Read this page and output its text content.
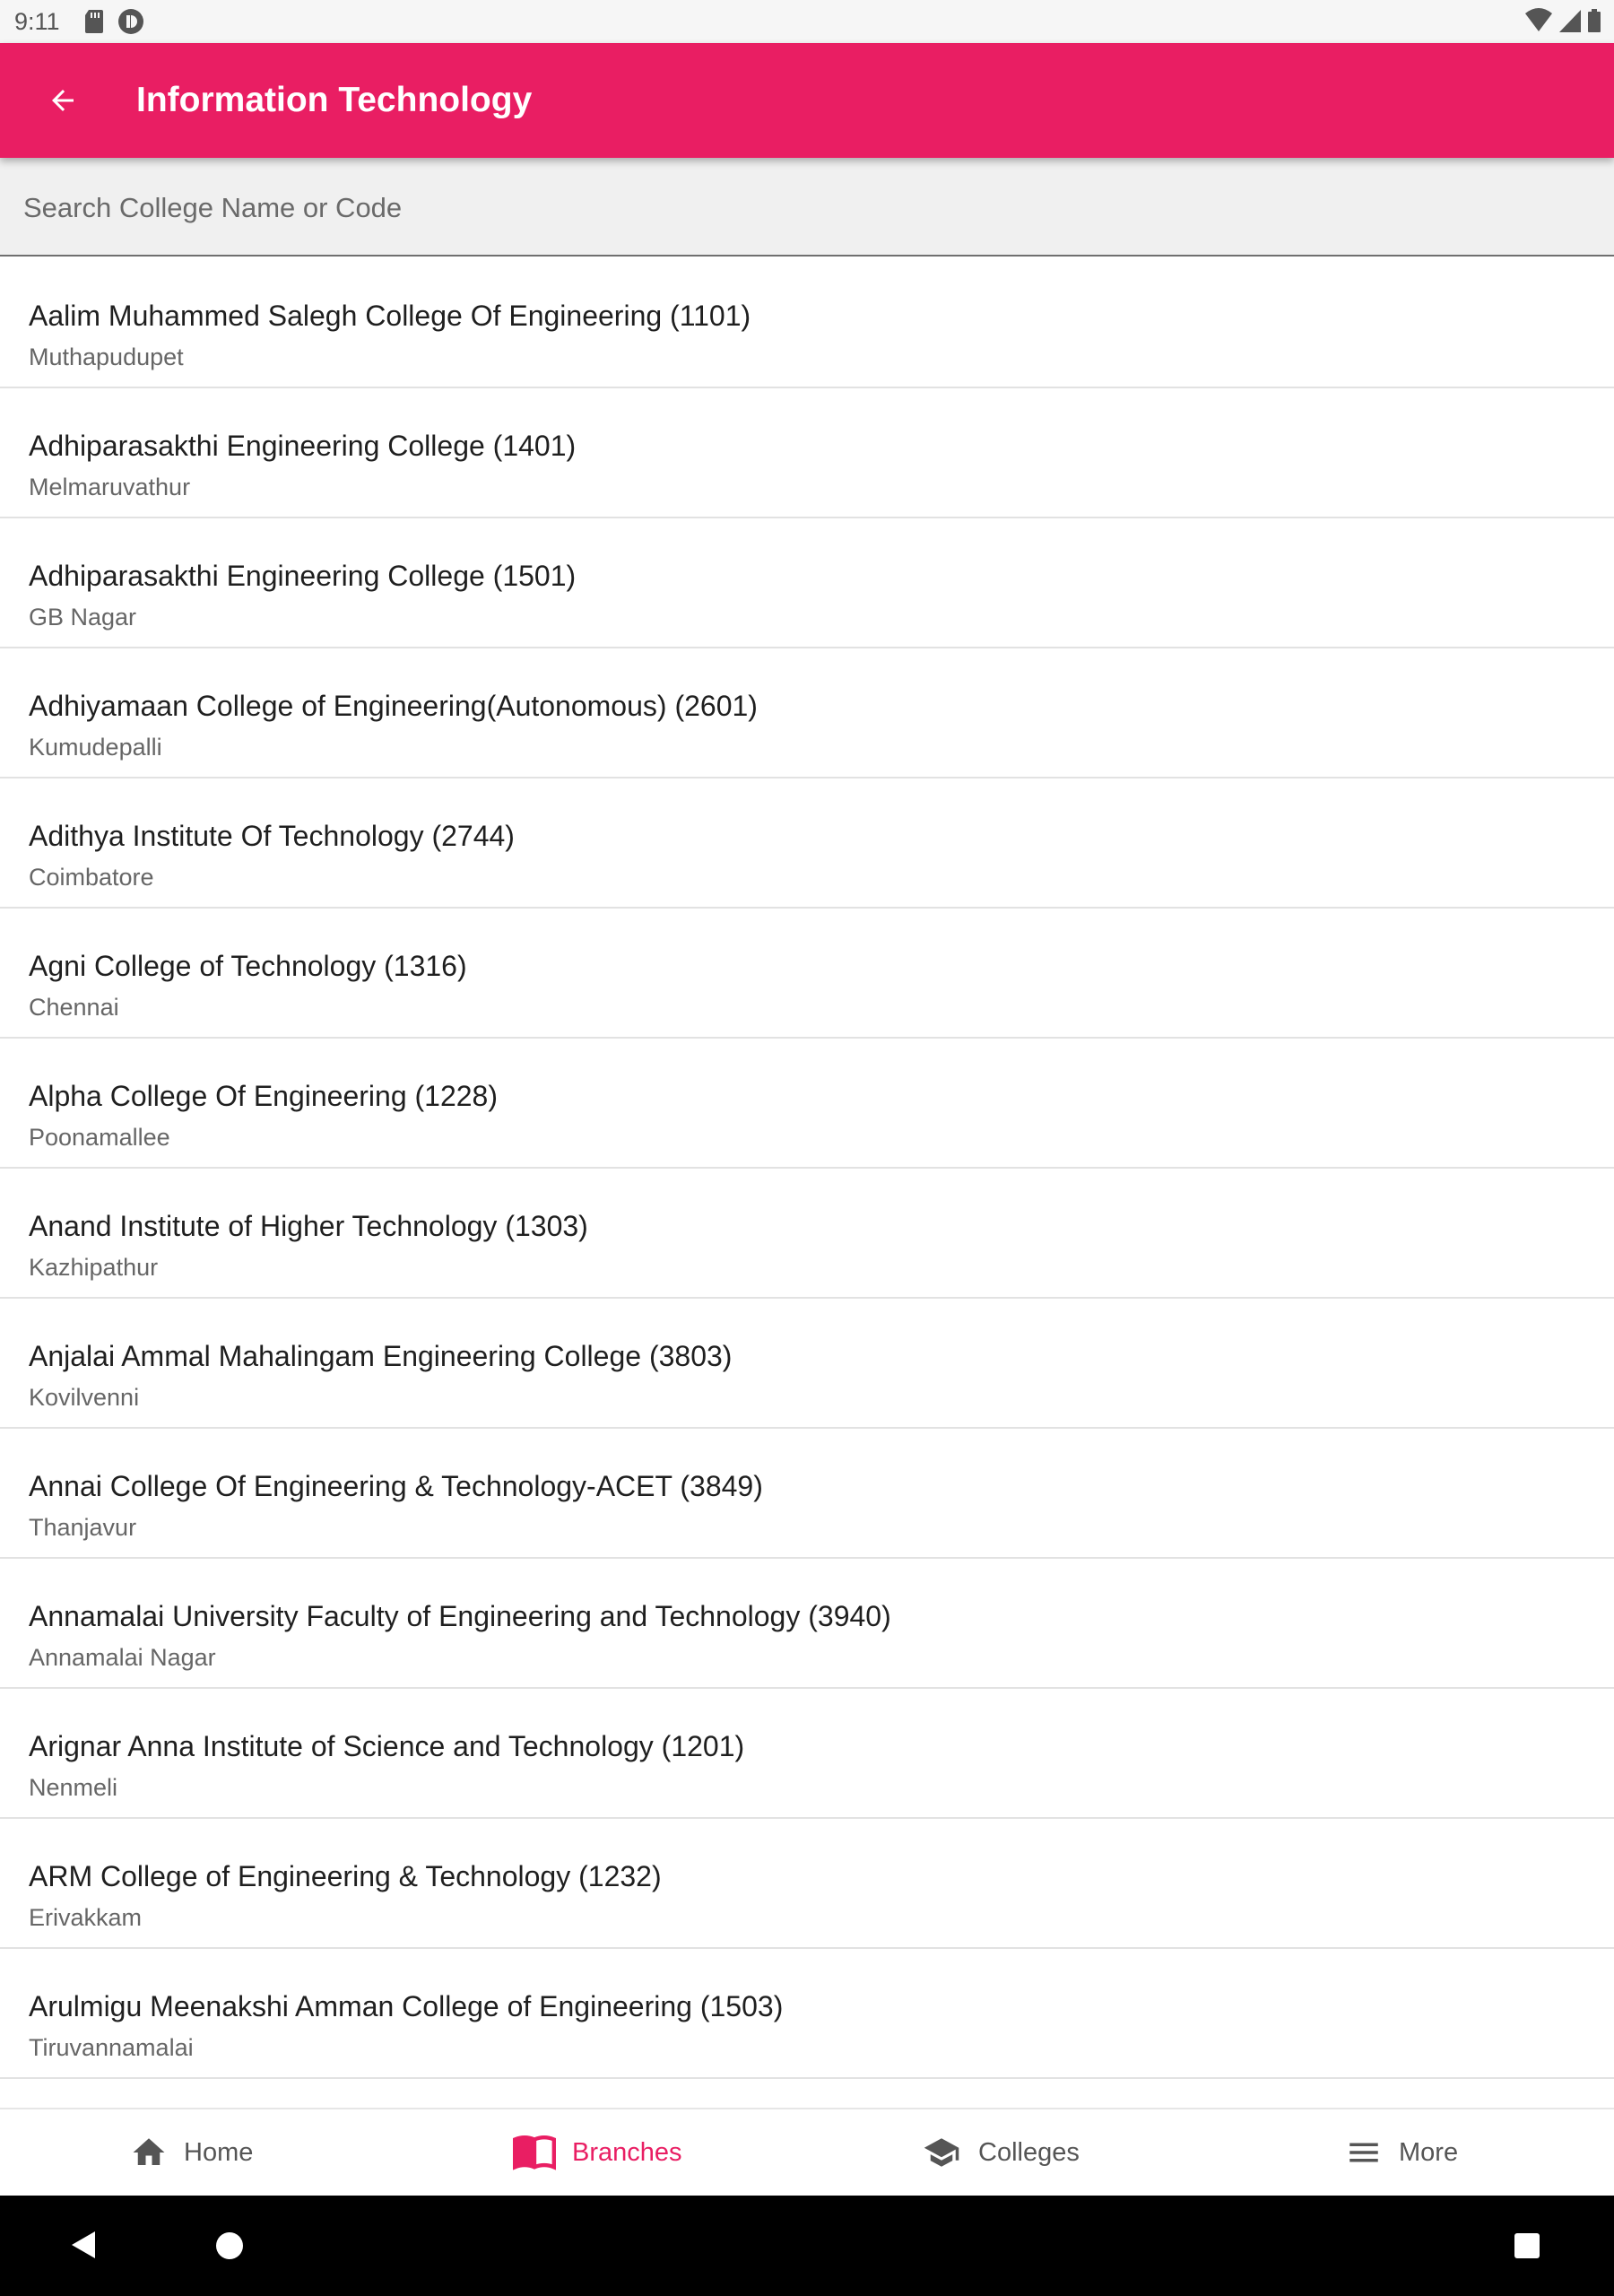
9:11
Information Technology
Search College Name or Code
Aalim Muhammed Salegh College Of Engineering (1101)
Muthapudupet
Adhiparasakthi Engineering College (1401)
Melmaruvathur
Adhiparasakthi Engineering College (1501)
GB Nagar
Adhiyamaan College of Engineering(Autonomous) (2601)
Kumudepalli
Adithya Institute Of Technology (2744)
Coimbatore
Agni College of Technology (1316)
Chennai
Alpha College Of Engineering (1228)
Poonamallee
Anand Institute of Higher Technology (1303)
Kazhipathur
Anjalai Ammal Mahalingam Engineering College (3803)
Kovilvenni
Annai College Of Engineering & Technology-ACET (3849)
Thanjavur
Annamalai University Faculty of Engineering and Technology (3940)
Annamalai Nagar
Arignar Anna Institute of Science and Technology (1201)
Nenmeli
ARM College of Engineering & Technology (1232)
Erivakkam
Arulmigu Meenakshi Amman College of Engineering (1503)
Tiruvannamalai
Home	Branches	Colleges	More
